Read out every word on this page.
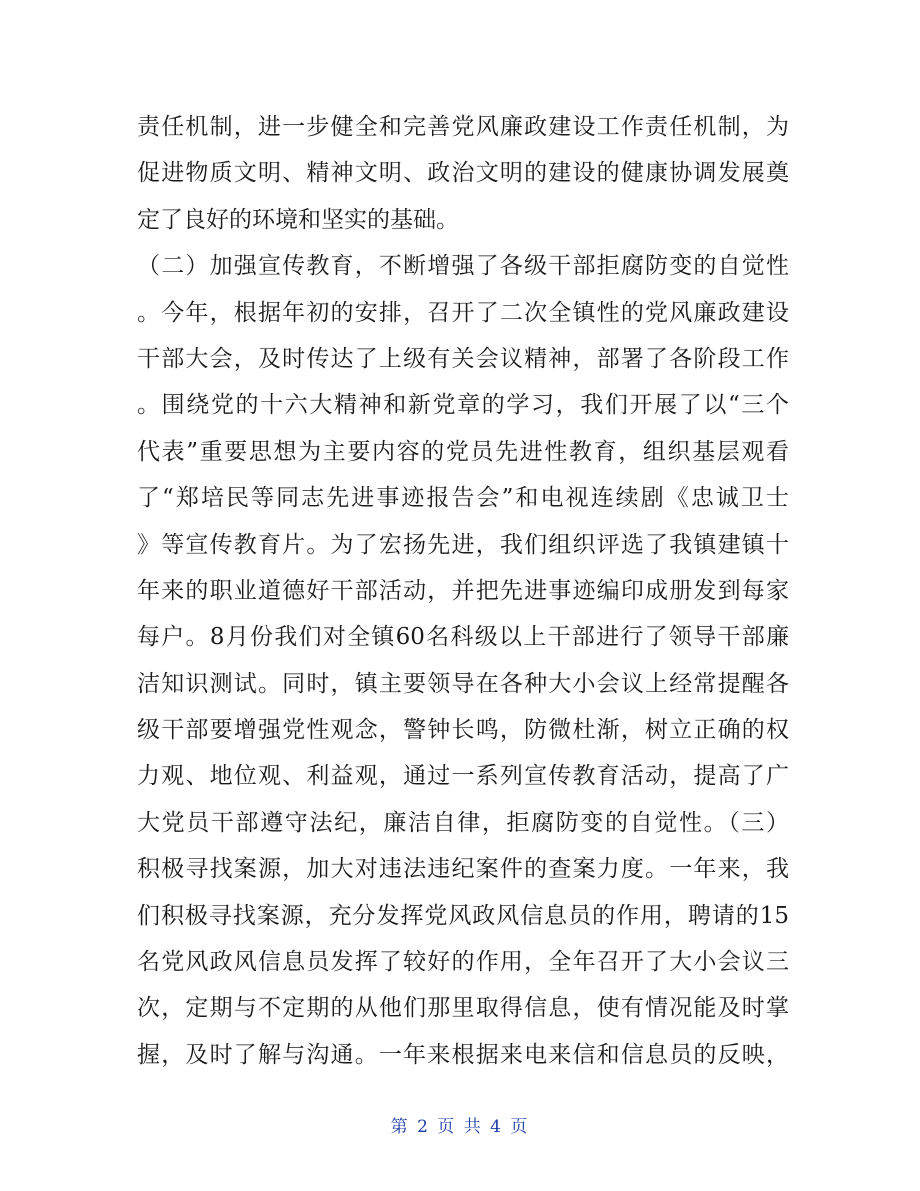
责任机制，进一步健全和完善党风廉政建设工作责任机制，为
促进物质文明、精神文明、政治文明的建设的健康协调发展奠
定了良好的环境和坚实的基础。
（二）加强宣传教育，不断增强了各级干部拒腐防变的自觉性
。今年，根据年初的安排，召开了二次全镇性的党风廉政建设
干部大会，及时传达了上级有关会议精神，部署了各阶段工作
。围绕党的十六大精神和新党章的学习，我们开展了以“三个
代表”重要思想为主要内容的党员先进性教育，组织基层观看
了“郑培民等同志先进事迹报告会”和电视连续剧《忠诚卫士
》等宣传教育片。为了宏扬先进，我们组织评选了我镇建镇十
年来的职业道德好干部活动，并把先进事迹编印成册发到每家
每户。8月份我们对全镇60名科级以上干部进行了领导干部廉
洁知识测试。同时，镇主要领导在各种大小会议上经常提醒各
级干部要增强党性观念，警钟长鸣，防微杜渐，树立正确的权
力观、地位观、利益观，通过一系列宣传教育活动，提高了广
大党员干部遵守法纪，廉洁自律，拒腐防变的自觉性。（三）
积极寻找案源，加大对违法违纪案件的查案力度。一年来，我
们积极寻找案源，充分发挥党风政风信息员的作用，聘请的15
名党风政风信息员发挥了较好的作用，全年召开了大小会议三
次，定期与不定期的从他们那里取得信息，使有情况能及时掌
握，及时了解与沟通。一年来根据来电来信和信息员的反映，
第 2 页 共 4 页
